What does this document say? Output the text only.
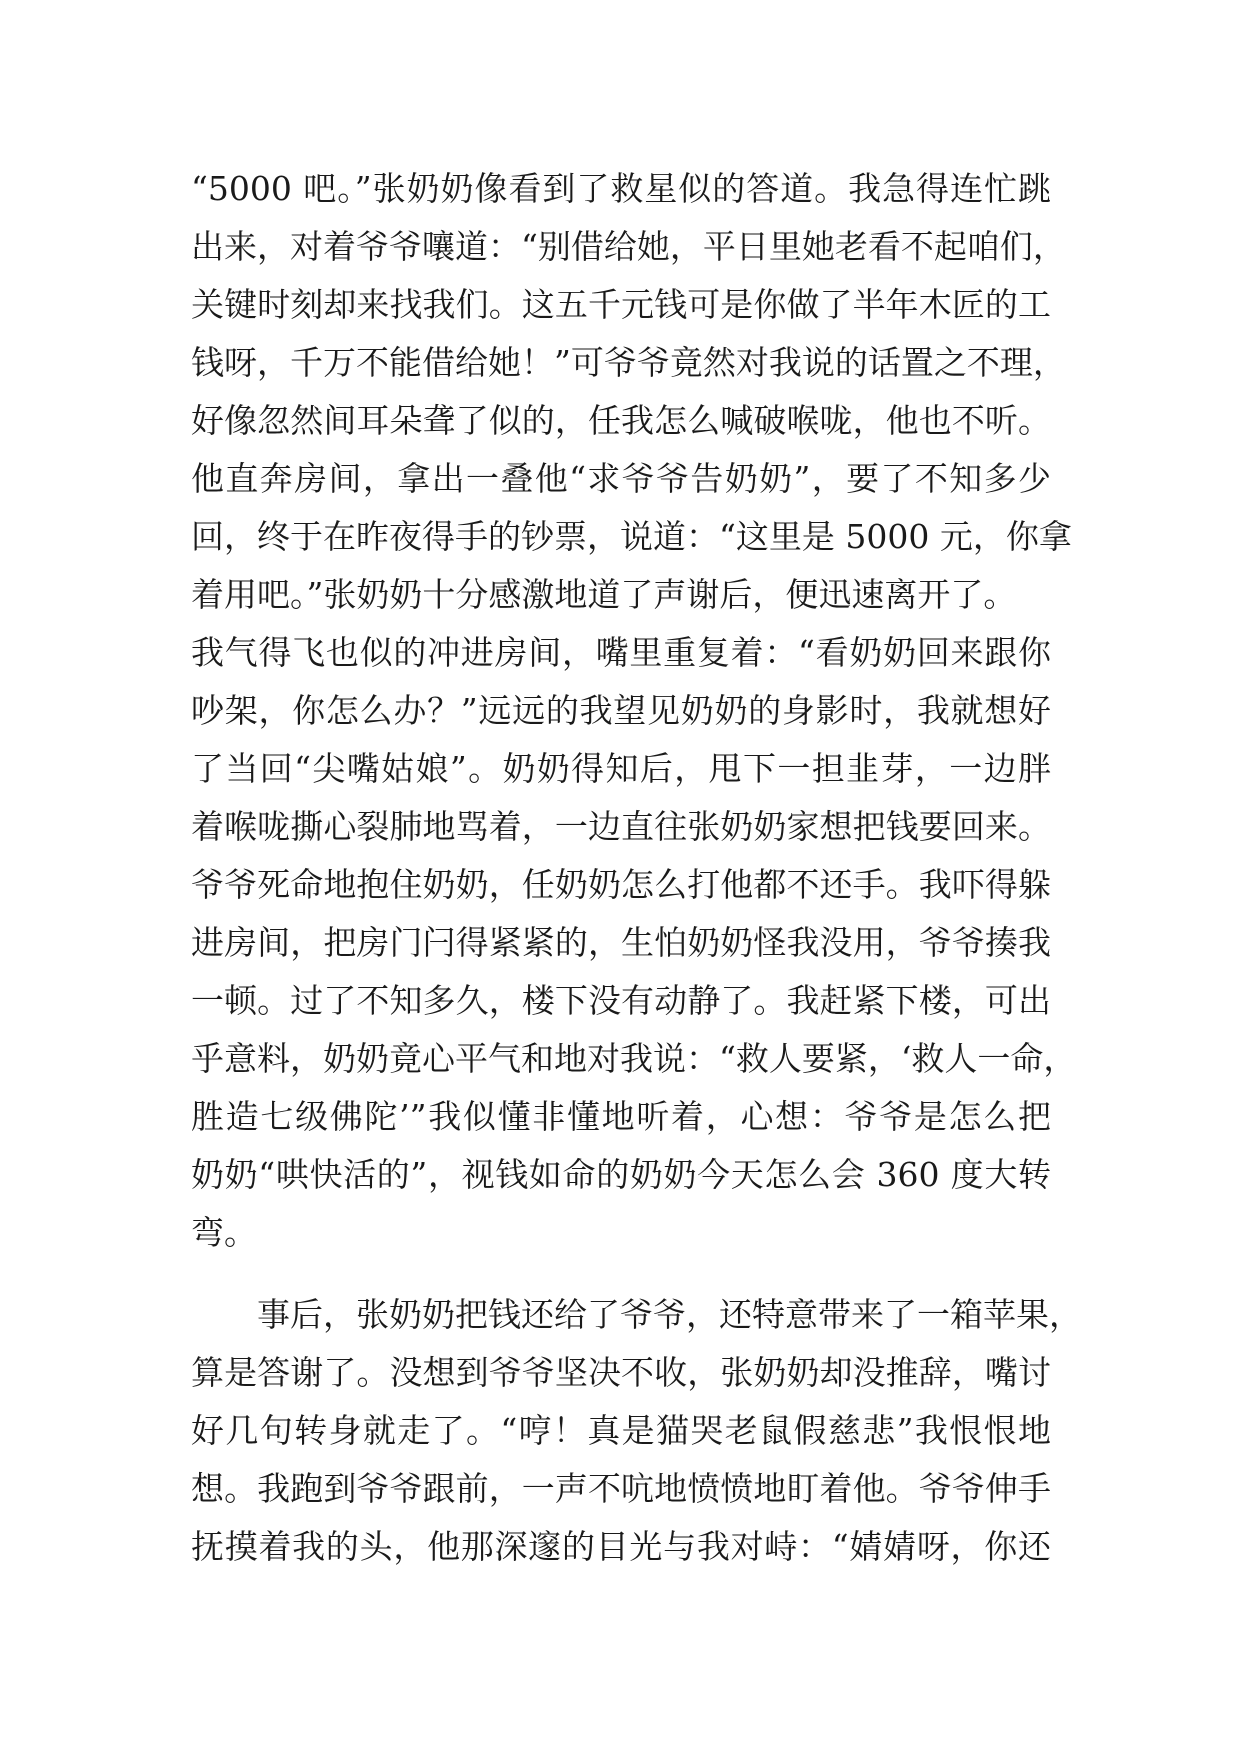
“5000 吧。”张奶奶像看到了救星似的答道。我急得连忙跳
出来，对着爷爷嚷道：“别借给她，平日里她老看不起咱们，
关键时刻却来找我们。这五千元钱可是你做了半年木匠的工
钱呀，千万不能借给她！”可爷爷竟然对我说的话置之不理，
好像忽然间耳朵聋了似的，任我怎么喊破喉咙，他也不听。
他直奔房间，拿出一叠他“求爷爷告奶奶”，要了不知多少
回，终于在昨夜得手的钞票，说道：“这里是 5000 元，你拿
着用吧。”张奶奶十分感激地道了声谢后，便迅速离开了。
我气得飞也似的冲进房间，嘴里重复着：“看奶奶回来跟你
吵架，你怎么办？”远远的我望见奶奶的身影时，我就想好
了当回“尖嘴姑娘”。奶奶得知后，甩下一担韭芽，一边胖
着喉咙撕心裂肺地骂着，一边直往张奶奶家想把钱要回来。
爷爷死命地抱住奶奶，任奶奶怎么打他都不还手。我吓得躲
进房间，把房门闩得紧紧的，生怕奶奶怪我没用，爷爷揍我
一顿。过了不知多久，楼下没有动静了。我赶紧下楼，可出
乎意料，奶奶竟心平气和地对我说：“救人要紧，‘救人一命，
胜造七级佛陀’”我似懂非懂地听着，心想：爷爷是怎么把
奶奶“哄快活的”，视钱如命的奶奶今天怎么会 360 度大转
弯。
事后，张奶奶把钱还给了爷爷，还特意带来了一箱苹果，
算是答谢了。没想到爷爷坚决不收，张奶奶却没推辞，嘴讨
好几句转身就走了。“哼！真是猫哭老鼠假慈悲”我恨恨地
想。我跑到爷爷跟前，一声不吭地愤愤地盯着他。爷爷伸手
抚摸着我的头，他那深邃的目光与我对峙：“婧婧呀，你还
